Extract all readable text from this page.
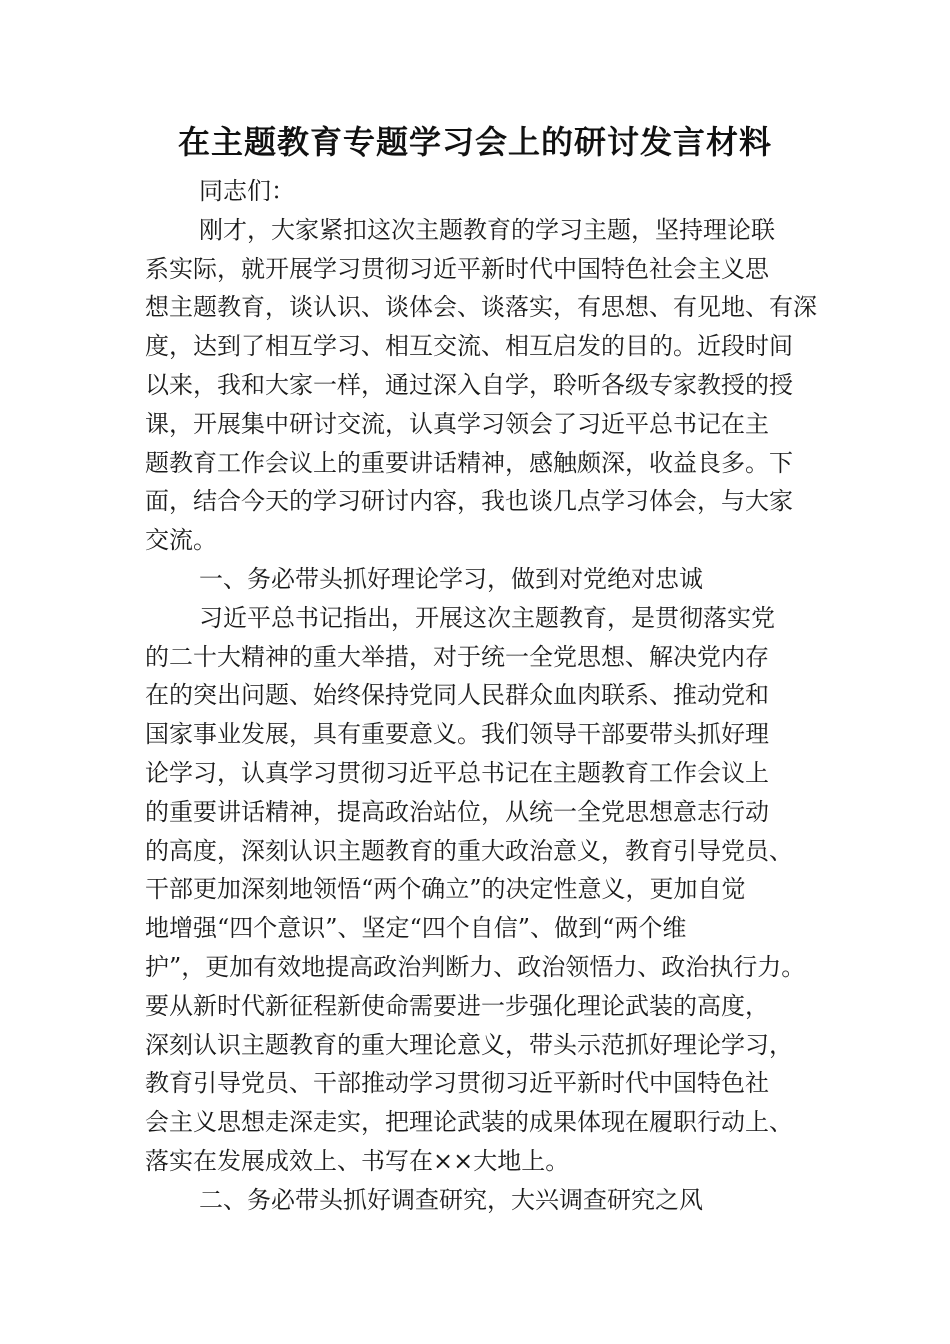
在主题教育专题学习会上的研讨发言材料
同志们：
刚才，大家紧扣这次主题教育的学习主题，坚持理论联
系实际，就开展学习贯彻习近平新时代中国特色社会主义思
想主题教育，谈认识、谈体会、谈落实，有思想、有见地、有深
度，达到了相互学习、相互交流、相互启发的目的。近段时间
以来，我和大家一样，通过深入自学，聆听各级专家教授的授
课，开展集中研讨交流，认真学习领会了习近平总书记在主
题教育工作会议上的重要讲话精神，感触颇深，收益良多。下
面，结合今天的学习研讨内容，我也谈几点学习体会，与大家
交流。
一、务必带头抓好理论学习，做到对党绝对忠诚
习近平总书记指出，开展这次主题教育，是贯彻落实党
的二十大精神的重大举措，对于统一全党思想、解决党内存
在的突出问题、始终保持党同人民群众血肉联系、推动党和
国家事业发展，具有重要意义。我们领导干部要带头抓好理
论学习，认真学习贯彻习近平总书记在主题教育工作会议上
的重要讲话精神，提高政治站位，从统一全党思想意志行动
的高度，深刻认识主题教育的重大政治意义，教育引导党员、
干部更加深刻地领悟“两个确立”的决定性意义，更加自觉
地增强“四个意识”、坚定“四个自信”、做到“两个维
护”，更加有效地提高政治判断力、政治领悟力、政治执行力。
要从新时代新征程新使命需要进一步强化理论武装的高度，
深刻认识主题教育的重大理论意义，带头示范抓好理论学习，
教育引导党员、干部推动学习贯彻习近平新时代中国特色社
会主义思想走深走实，把理论武装的成果体现在履职行动上、
落实在发展成效上、书写在××大地上。
二、务必带头抓好调查研究，大兴调查研究之风
